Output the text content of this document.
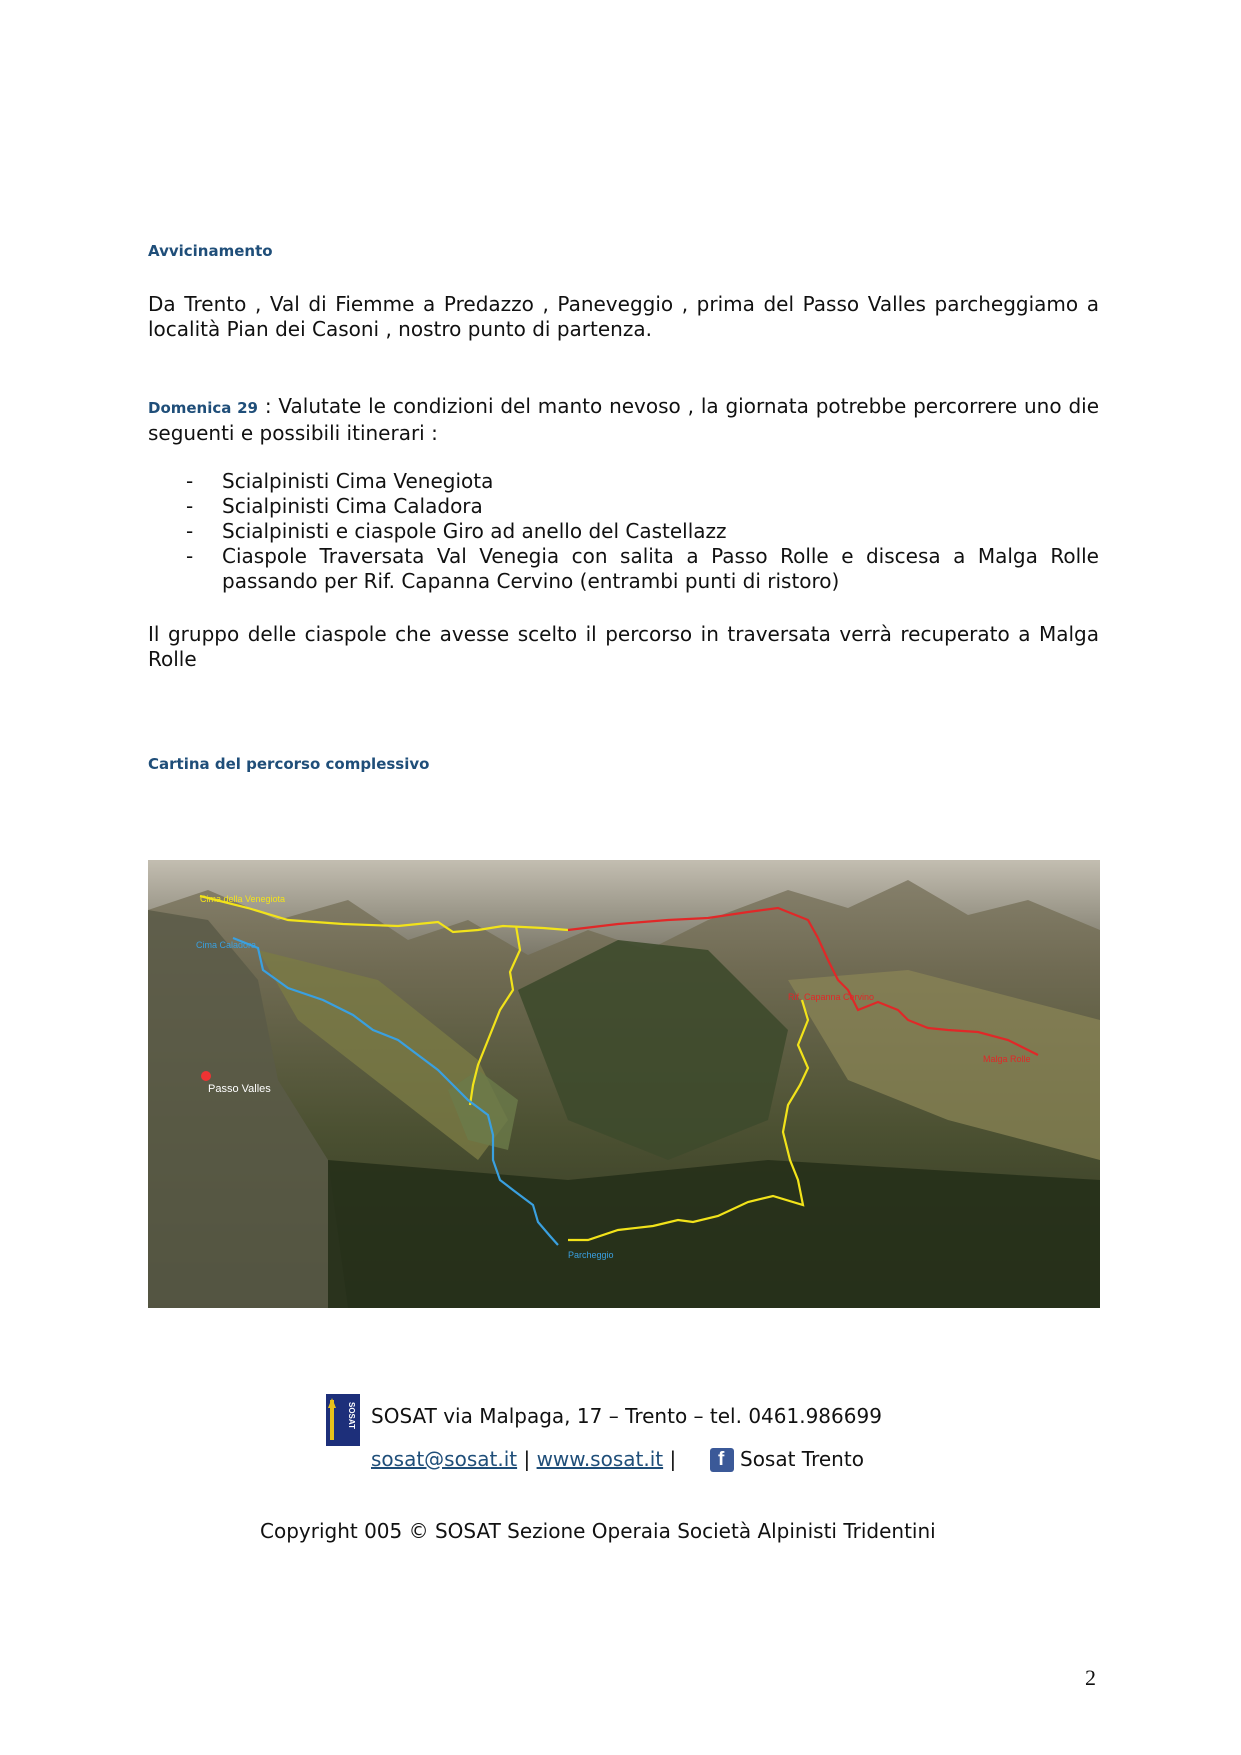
Avvicinamento
Da Trento , Val di Fiemme a Predazzo , Paneveggio , prima del Passo Valles parcheggiamo a località Pian dei Casoni , nostro punto di partenza.
Domenica 29 : Valutate le condizioni del manto nevoso , la giornata potrebbe percorrere uno die seguenti e possibili itinerari :
- Scialpinisti Cima Venegiota
- Scialpinisti Cima Caladora
- Scialpinisti e ciaspole Giro ad anello del Castellazz
- Ciaspole Traversata Val Venegia con salita a Passo Rolle e discesa a Malga Rolle passando per Rif. Capanna Cervino (entrambi punti di ristoro)
Il gruppo delle ciaspole che avesse scelto il percorso in traversata verrà recuperato a Malga Rolle
Cartina del percorso complessivo
Cima della Venegiota
Cima Caladora
Passo Valles
Rif. Capanna Cervino
Malga Rolle
Parcheggio
SOSAT SOSAT via Malpaga, 17 – Trento – tel. 0461.986699
sosat@sosat.it | www.sosat.it | f Sosat Trento
Copyright 005 © SOSAT Sezione Operaia Società Alpinisti Tridentini
2
